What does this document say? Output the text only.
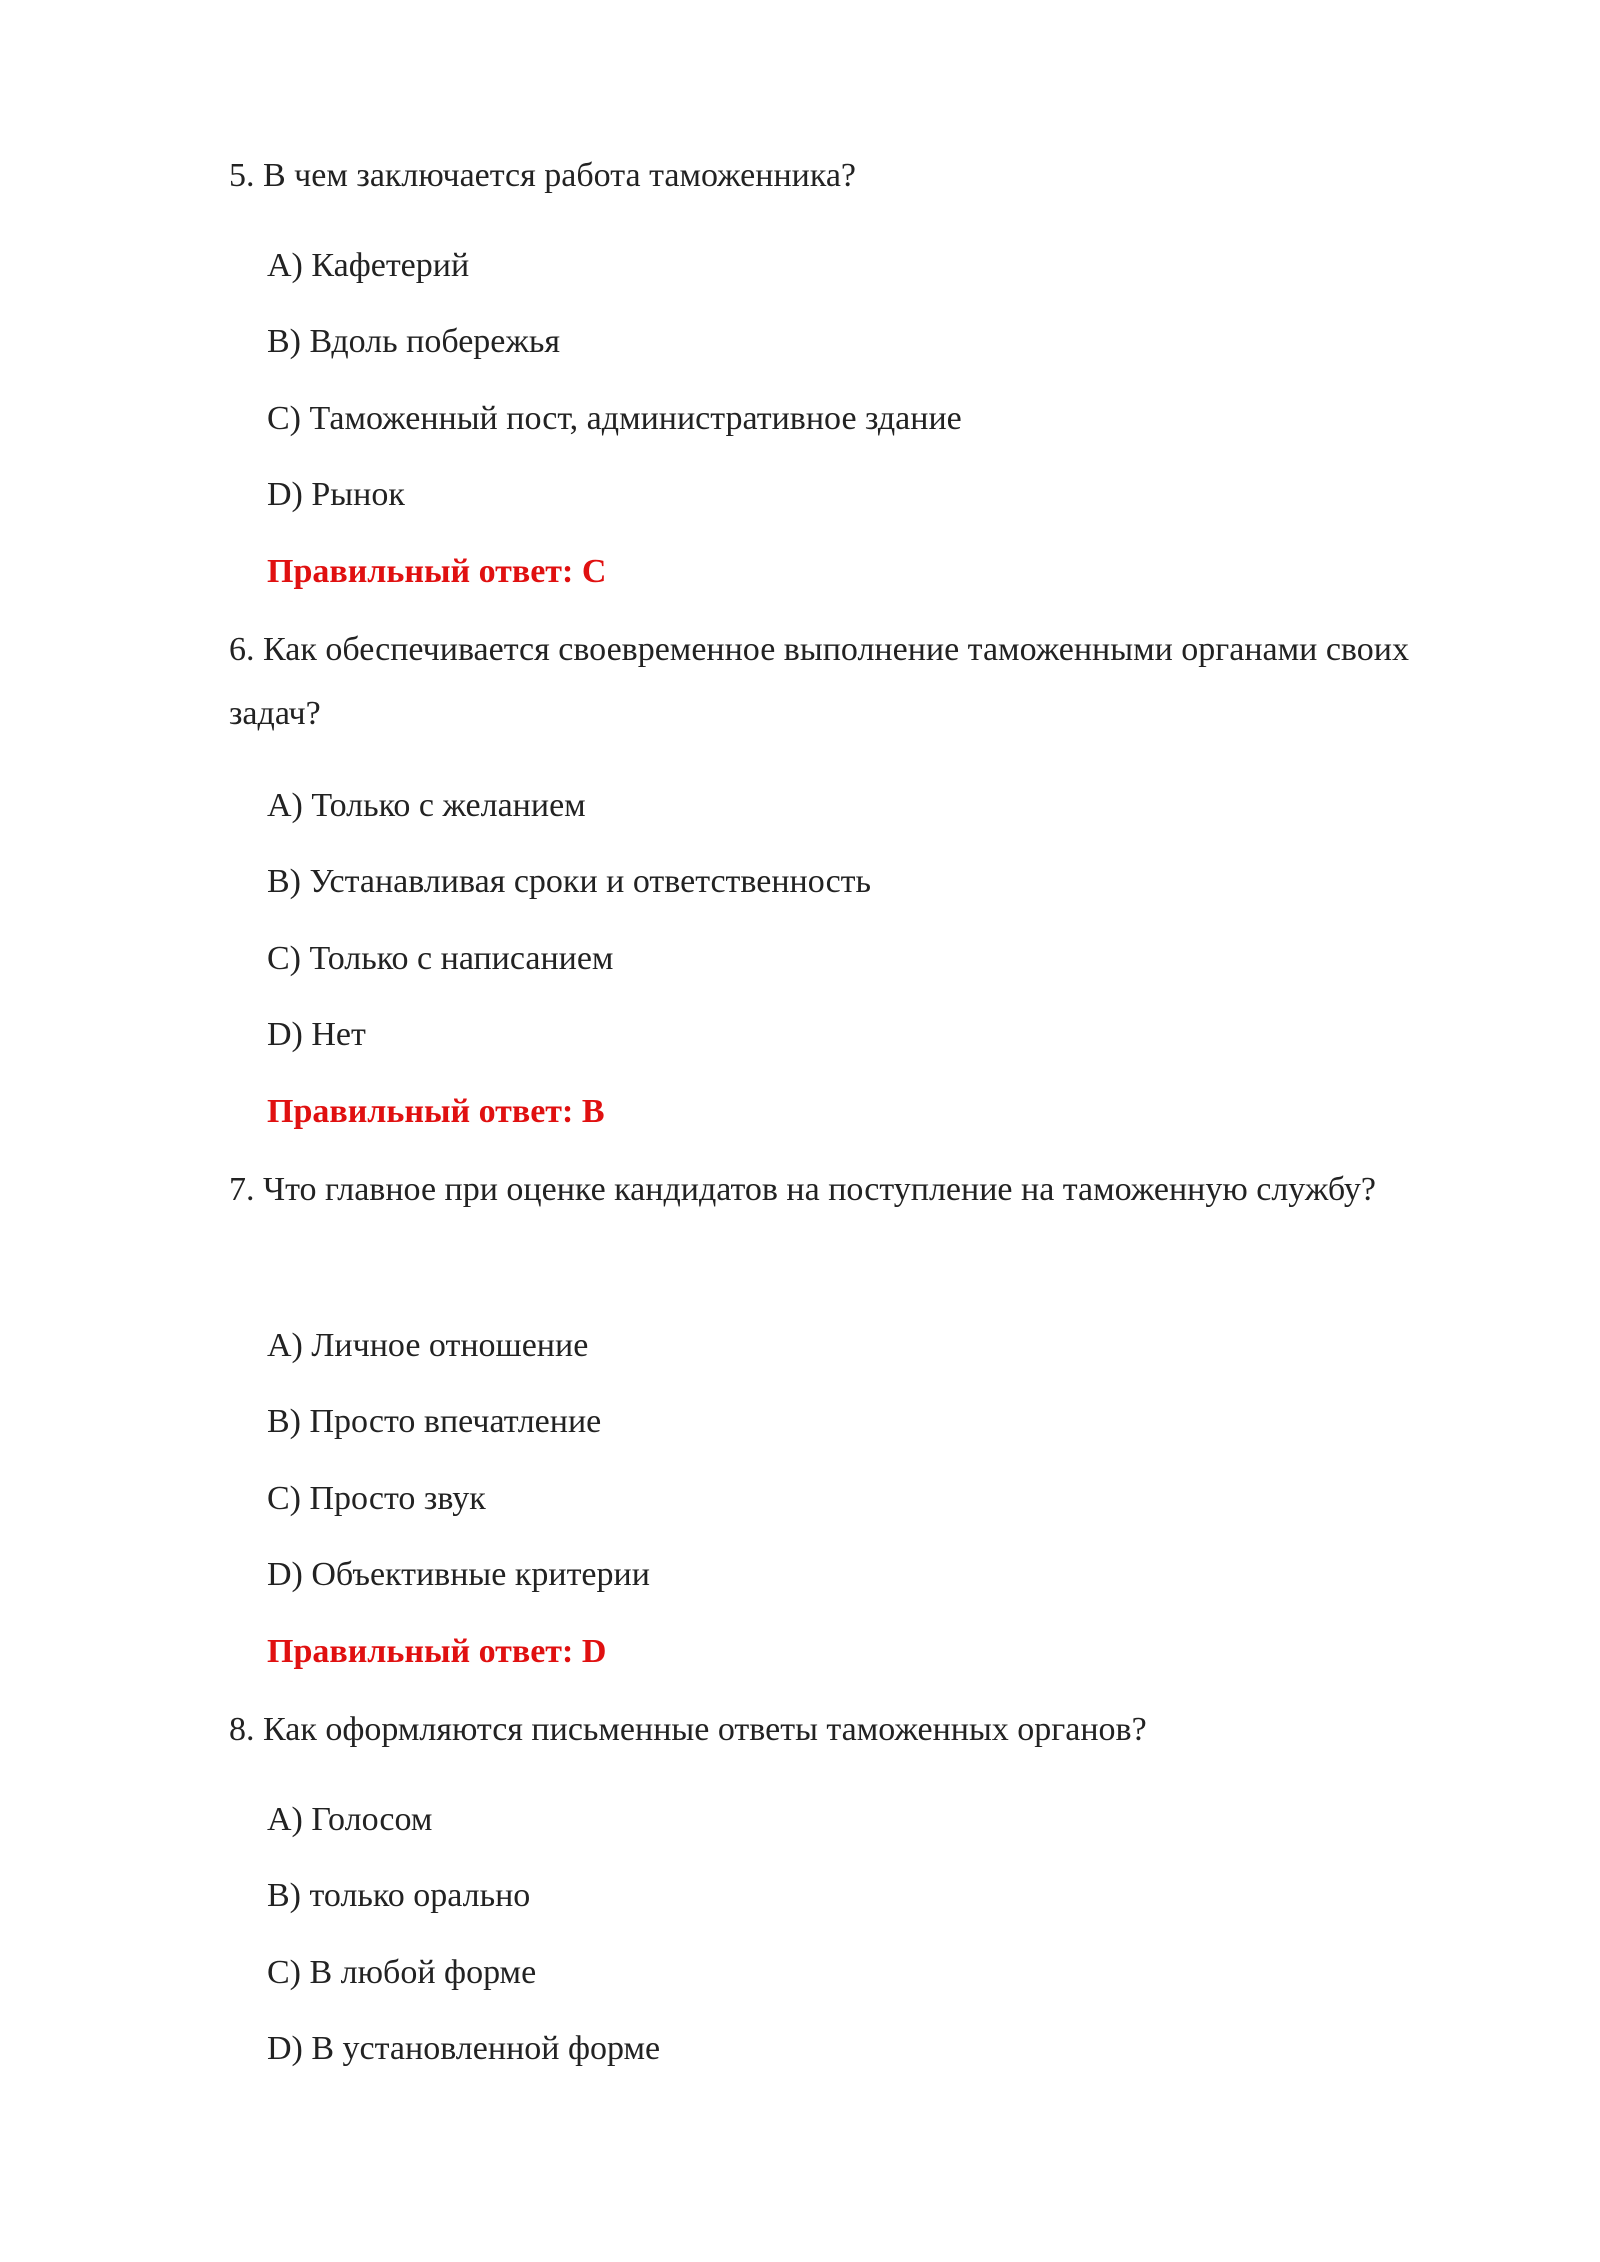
5. В чем заключается работа таможенника?

A) Кафетерий

B) Вдоль побережья

C) Таможенный пост, административное здание

D) Рынок

Правильный ответ: C

6. Как обеспечивается своевременное выполнение таможенными органами своих задач?

A) Только с желанием

B) Устанавливая сроки и ответственность

C) Только с написанием

D) Нет

Правильный ответ: B

7. Что главное при оценке кандидатов на поступление на таможенную службу?

A) Личное отношение

B) Просто впечатление

C) Просто звук

D) Объективные критерии

Правильный ответ: D

8. Как оформляются письменные ответы таможенных органов?

A) Голосом

B) только орально

C) В любой форме

D) В установленной форме
